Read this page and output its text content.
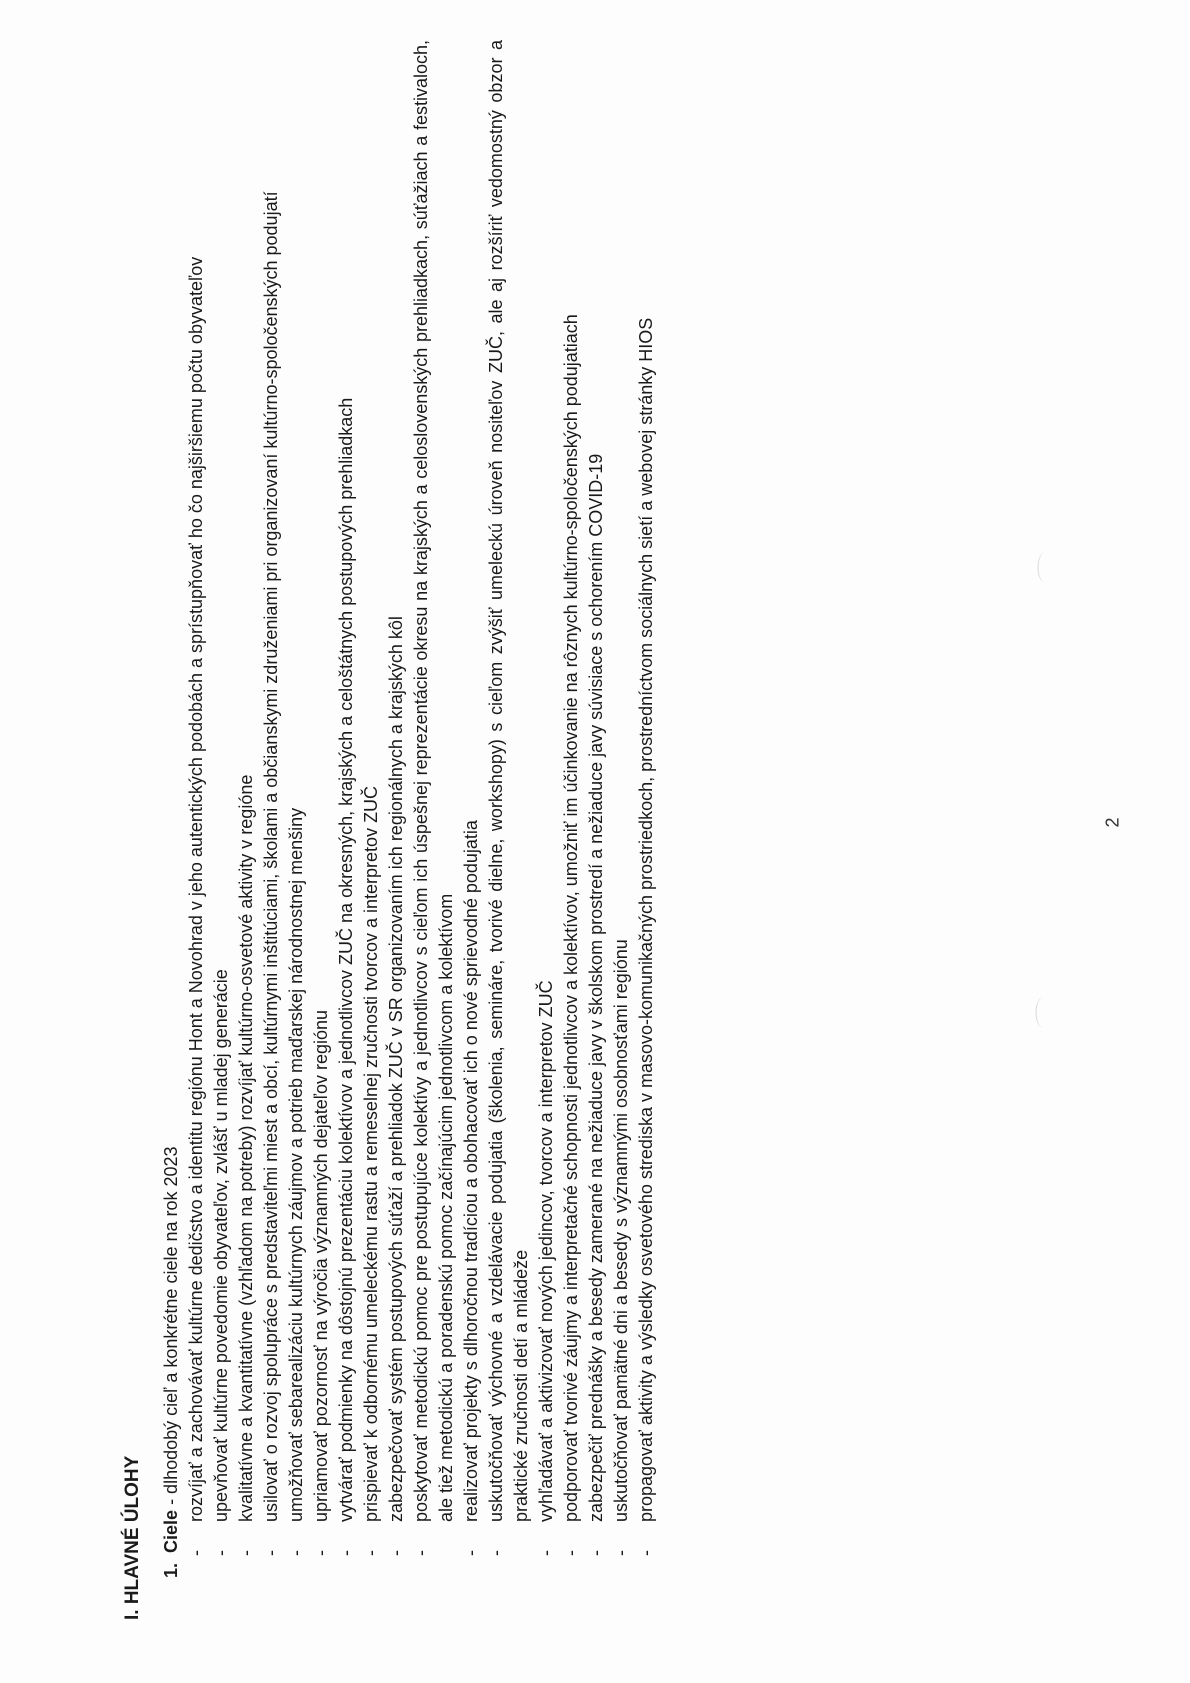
I. HLAVNÉ ÚLOHY 1.  Ciele - dlhodobý cieľ a konkrétne ciele na rok 2023
-
rozvíjať a zachovávať kultúrne dedičstvo a identitu regiónu Hont a Novohrad v jeho autentických podobách a sprístupňovať ho čo najširšiemu počtu obyvateľov
-
upevňovať kultúrne povedomie obyvateľov, zvlášť u mladej generácie
-
kvalitatívne a kvantitatívne (vzhľadom na potreby) rozvíjať kultúrno-osvetové aktivity v regióne
-
usilovať o rozvoj spolupráce s predstaviteľmi miest a obcí, kultúrnymi inštitúciami, školami a občianskymi združeniami pri organizovaní kultúrno-spoločenských podujatí
-
umožňovať sebarealizáciu kultúrnych záujmov a potrieb maďarskej národnostnej menšiny
-
upriamovať pozornosť na výročia významných dejateľov regiónu
-
vytvárať podmienky na dôstojnú prezentáciu kolektívov a jednotlivcov ZUČ na okresných, krajských a celoštátnych postupových prehliadkach
-
prispievať k odbornému umeleckému rastu a remeselnej zručnosti tvorcov a interpretov ZUČ
-
zabezpečovať systém postupových súťaží a prehliadok ZUČ v SR organizovaním ich regionálnych a krajských kôl
-
poskytovať metodickú pomoc pre postupujúce kolektívy a jednotlivcov s cieľom ich úspešnej reprezentácie okresu na krajských a celoslovenských prehliadkach, súťažiach a festivaloch, ale tiež metodickú a poradenskú pomoc začínajúcim jednotlivcom a kolektívom
-
realizovať projekty s dlhoročnou tradíciou a obohacovať ich o nové sprievodné podujatia
-
uskutočňovať výchovné a vzdelávacie podujatia (školenia, semináre, tvorivé dielne, workshopy) s cieľom zvýšiť umeleckú úroveň nositeľov ZUČ, ale aj rozšíriť vedomostný obzor a praktické zručnosti detí a mládeže
-
vyhľadávať a aktivizovať nových jedincov, tvorcov a interpretov ZUČ
-
podporovať tvorivé záujmy a interpretačné schopnosti jednotlivcov a kolektívov, umožniť im účinkovanie na rôznych kultúrno-spoločenských podujatiach
-
zabezpečiť prednášky a besedy zamerané na nežiaduce javy v školskom prostredí a nežiaduce javy súvisiace s ochorením COVID-19
-
uskutočňovať pamätné dni a besedy s významnými osobnosťami regiónu
-
propagovať aktivity a výsledky osvetového strediska v masovo-komunikačných prostriedkoch, prostredníctvom sociálnych sietí a webovej stránky HIOS	2
